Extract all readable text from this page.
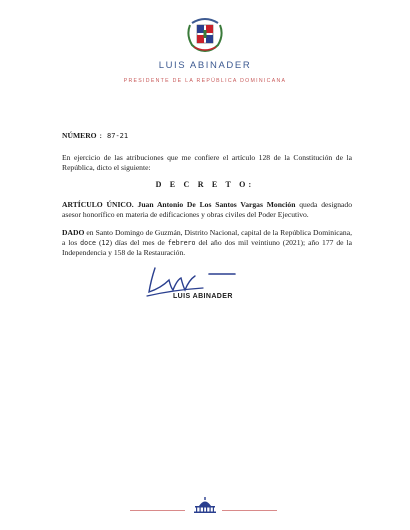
LUIS ABINADER
PRESIDENTE DE LA REPÚBLICA DOMINICANA
NÚMERO : 87-21
En ejercicio de las atribuciones que me confiere el artículo 128 de la Constitución de la República, dicto el siguiente:
D E C R E T O:
ARTÍCULO ÚNICO. Juan Antonio De Los Santos Vargas Monción queda designado asesor honorífico en materia de edificaciones y obras civiles del Poder Ejecutivo.
DADO en Santo Domingo de Guzmán, Distrito Nacional, capital de la República Dominicana, a los doce (12) días del mes de febrero del año dos mil veintiuno (2021); año 177 de la Independencia y 158 de la Restauración.
LUIS ABINADER
